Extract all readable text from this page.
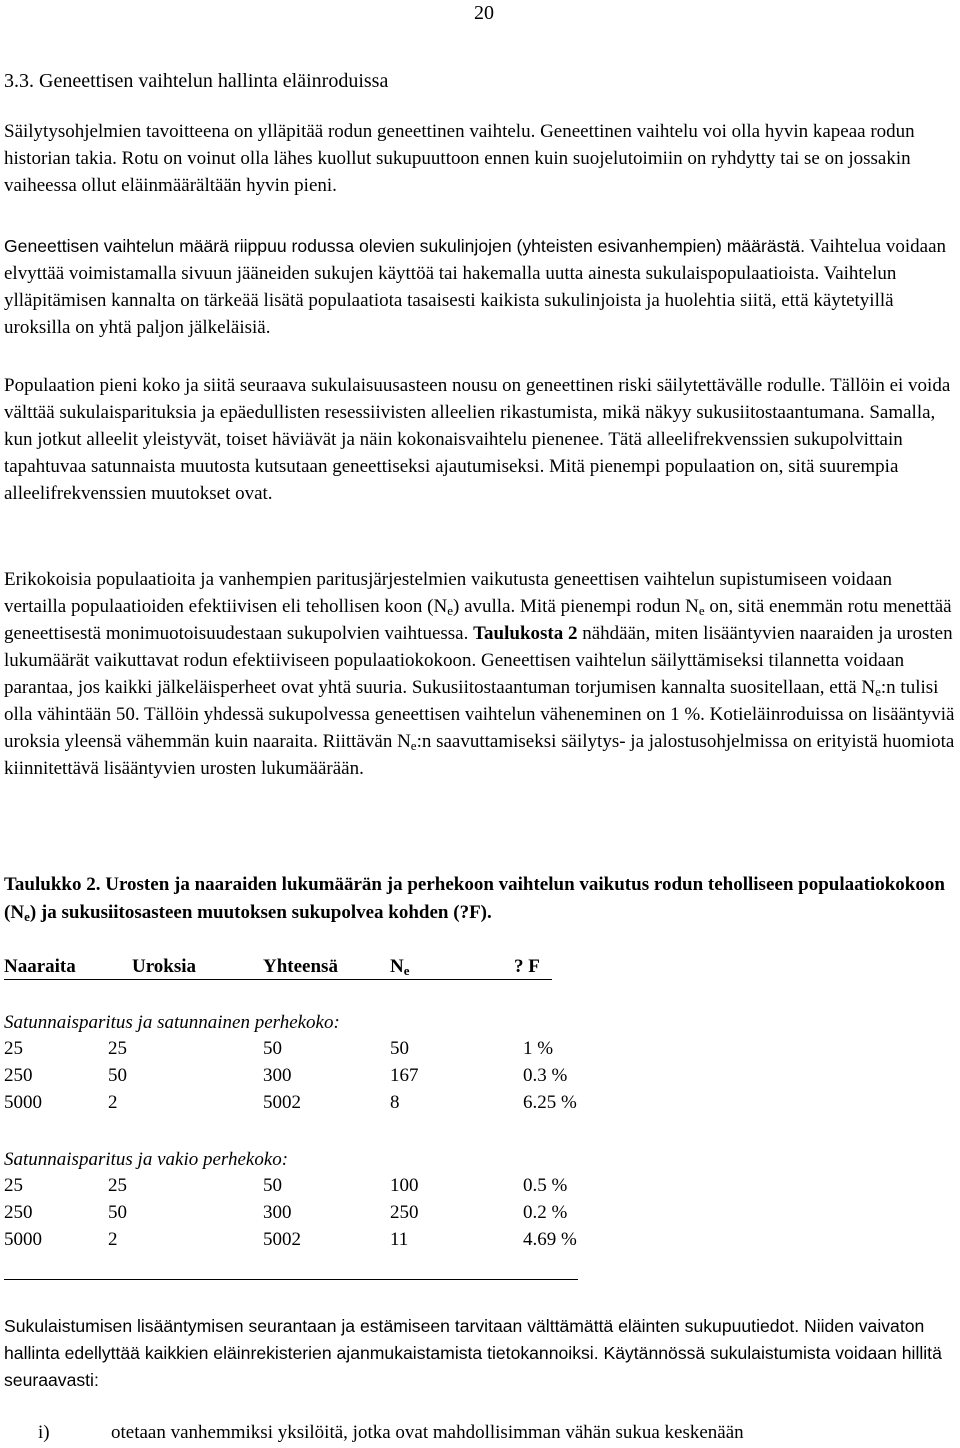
20
3.3. Geneettisen vaihtelun hallinta eläinroduissa

Säilytysohjelmien tavoitteena on ylläpitää rodun geneettinen vaihtelu. Geneettinen vaihtelu voi olla hyvin kapeaa rodun historian takia. Rotu on voinut olla lähes kuollut sukupuuttoon ennen kuin suojelutoimiin on ryhdytty tai se on jossakin vaiheessa ollut eläinmäärältään hyvin pieni.

Geneettisen vaihtelun määrä riippuu rodussa olevien sukulinjojen (yhteisten esivanhempien) määrästä. Vaihtelua voidaan elvyttää voimistamalla sivuun jääneiden sukujen käyttöä tai hakemalla uutta ainesta sukulaispopulaatioista. Vaihtelun ylläpitämisen kannalta on tärkeää lisätä populaatiota tasaisesti kaikista sukulinjoista ja huolehtia siitä, että käytetyillä uroksilla on yhtä paljon jälkeläisiä.

Populaation pieni koko ja siitä seuraava sukulaisuusasteen nousu on geneettinen riski säilytettävälle rodulle. Tällöin ei voida välttää sukulaisparituksia ja epäedullisten resessiivisten alleelien rikastumista, mikä näkyy sukusiitostaantumana. Samalla, kun jotkut alleelit yleistyvät, toiset häviävät ja näin kokonaisvaihtelu pienenee. Tätä alleelifrekvenssien sukupolvittain tapahtuvaa satunnaista muutosta kutsutaan geneettiseksi ajautumiseksi. Mitä pienempi populaation on, sitä suurempia alleelifrekvenssien muutokset ovat.

Erikokoisia populaatioita ja vanhempien paritusjärjestelmien vaikutusta geneettisen vaihtelun supistumiseen voidaan vertailla populaatioiden efektiivisen eli tehollisen koon $(N_e)$ avulla. Mitä pienempi rodun $N_e$ on, sitä enemmän rotu menettää geneettisestä monimuotoisuudestaan sukupolvien vaihtuessa. Taulukosta 2 nähdään, miten lisääntyvien naaraiden ja urosten lukumäärät vaikuttavat rodun efektiiviseen populaatiokokoon. Geneettisen vaihtelun säilyttämiseksi tilannetta voidaan parantaa, jos kaikki jälkeläisperheet ovat yhtä suuria. Sukusiitostaantuman torjumisen kannalta suositellaan, että $N_e:n$ tulisi olla vähintään 50. Tällöin yhdessä sukupolvessa geneettisen vaihtelun väheneminen on 1 %. Kotieläinroduissa on lisääntyviä uroksia yleensä vähemmän kuin naaraita. Riittävän $N_e:n$ saavuttamiseksi säilytys- ja jalostusohjelmissa on erityistä huomiota kiinnitettävä lisääntyvien urosten lukumäärään.

Taulukko 2. Urosten ja naaraiden lukumäärän ja perhekoon vaihtelun vaikutus rodun teholliseen populaatiokokoon $(N_e)$ ja sukusiitosasteen muutoksen sukupolvea kohden (?F).

Naaraita	Uroksia	Yhteensä	$N_e$	? F
Satunnaisparitus ja satunnainen perhekoko:
25	25	50	50	1 %
250	50	300	167	0.3 %
5000	2	5002	8	6.25 %
Satunnaisparitus ja vakio perhekoko:
25	25	50	100	0.5 %
250	50	300	250	0.2 %
5000	2	5002	11	4.69 %

Sukulaistumisen lisääntymisen seurantaan ja estämiseen tarvitaan välttämättä eläinten sukupuutiedot. Niiden vaivaton hallinta edellyttää kaikkien eläinrekisterien ajanmukaistamista tietokannoiksi. Käytännössä sukulaistumista voidaan hillitä seuraavasti:

i)	otetaan vanhemmiksi yksilöitä, jotka ovat mahdollisimman vähän sukua keskenään
